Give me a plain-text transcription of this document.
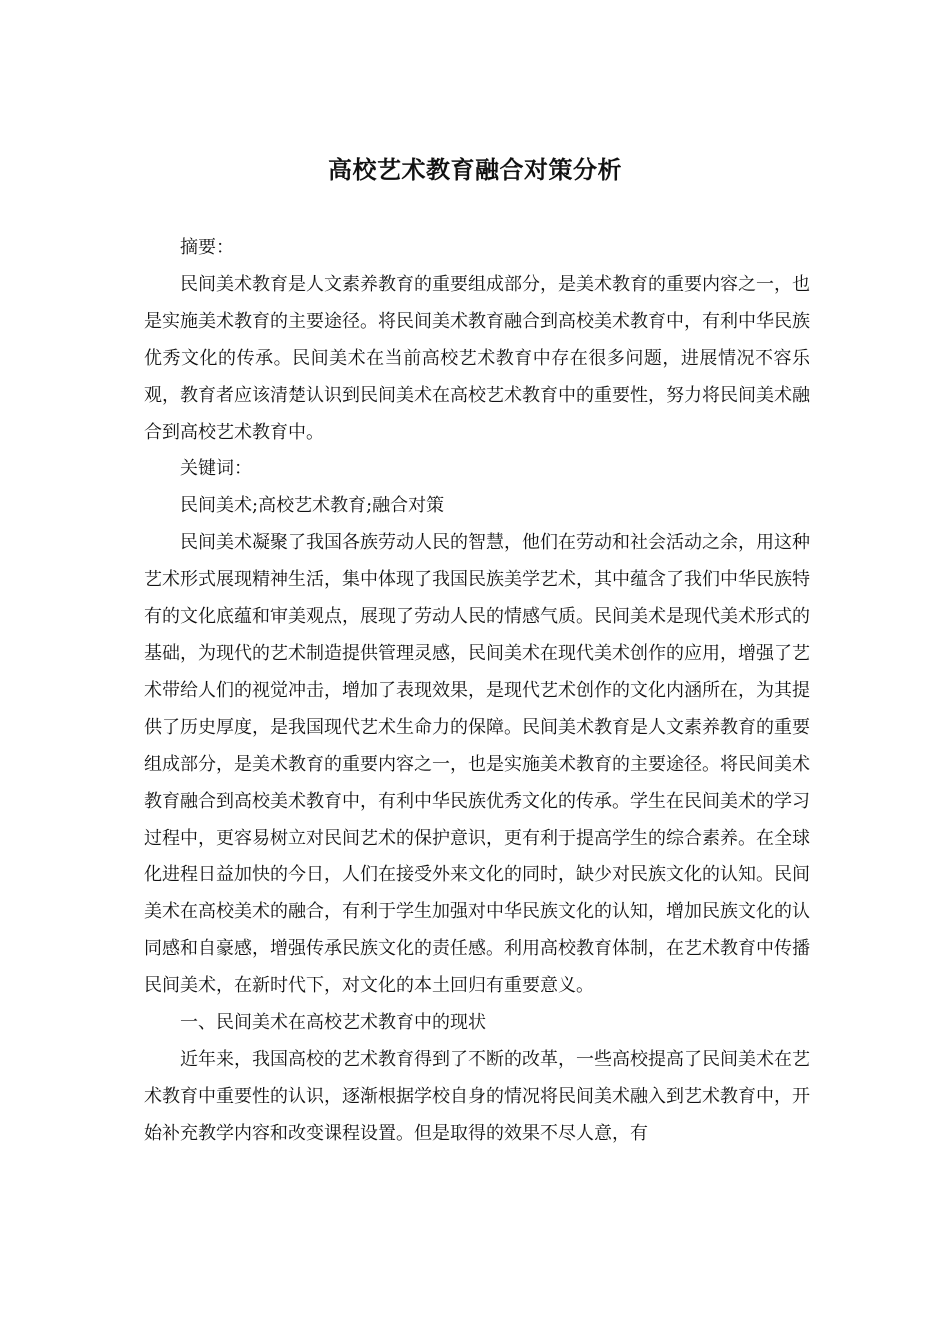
高校艺术教育融合对策分析

摘要：

民间美术教育是人文素养教育的重要组成部分，是美术教育的重要内容之一，也是实施美术教育的主要途径。将民间美术教育融合到高校美术教育中，有利中华民族优秀文化的传承。民间美术在当前高校艺术教育中存在很多问题，进展情况不容乐观，教育者应该清楚认识到民间美术在高校艺术教育中的重要性，努力将民间美术融合到高校艺术教育中。

关键词：

民间美术;高校艺术教育;融合对策

民间美术凝聚了我国各族劳动人民的智慧，他们在劳动和社会活动之余，用这种艺术形式展现精神生活，集中体现了我国民族美学艺术，其中蕴含了我们中华民族特有的文化底蕴和审美观点，展现了劳动人民的情感气质。民间美术是现代美术形式的基础，为现代的艺术制造提供管理灵感，民间美术在现代美术创作的应用，增强了艺术带给人们的视觉冲击，增加了表现效果，是现代艺术创作的文化内涵所在，为其提供了历史厚度，是我国现代艺术生命力的保障。民间美术教育是人文素养教育的重要组成部分，是美术教育的重要内容之一，也是实施美术教育的主要途径。将民间美术教育融合到高校美术教育中，有利中华民族优秀文化的传承。学生在民间美术的学习过程中，更容易树立对民间艺术的保护意识，更有利于提高学生的综合素养。在全球化进程日益加快的今日，人们在接受外来文化的同时，缺少对民族文化的认知。民间美术在高校美术的融合，有利于学生加强对中华民族文化的认知，增加民族文化的认同感和自豪感，增强传承民族文化的责任感。利用高校教育体制，在艺术教育中传播民间美术，在新时代下，对文化的本土回归有重要意义。

一、民间美术在高校艺术教育中的现状

近年来，我国高校的艺术教育得到了不断的改革，一些高校提高了民间美术在艺术教育中重要性的认识，逐渐根据学校自身的情况将民间美术融入到艺术教育中，开始补充教学内容和改变课程设置。但是取得的效果不尽人意，有
